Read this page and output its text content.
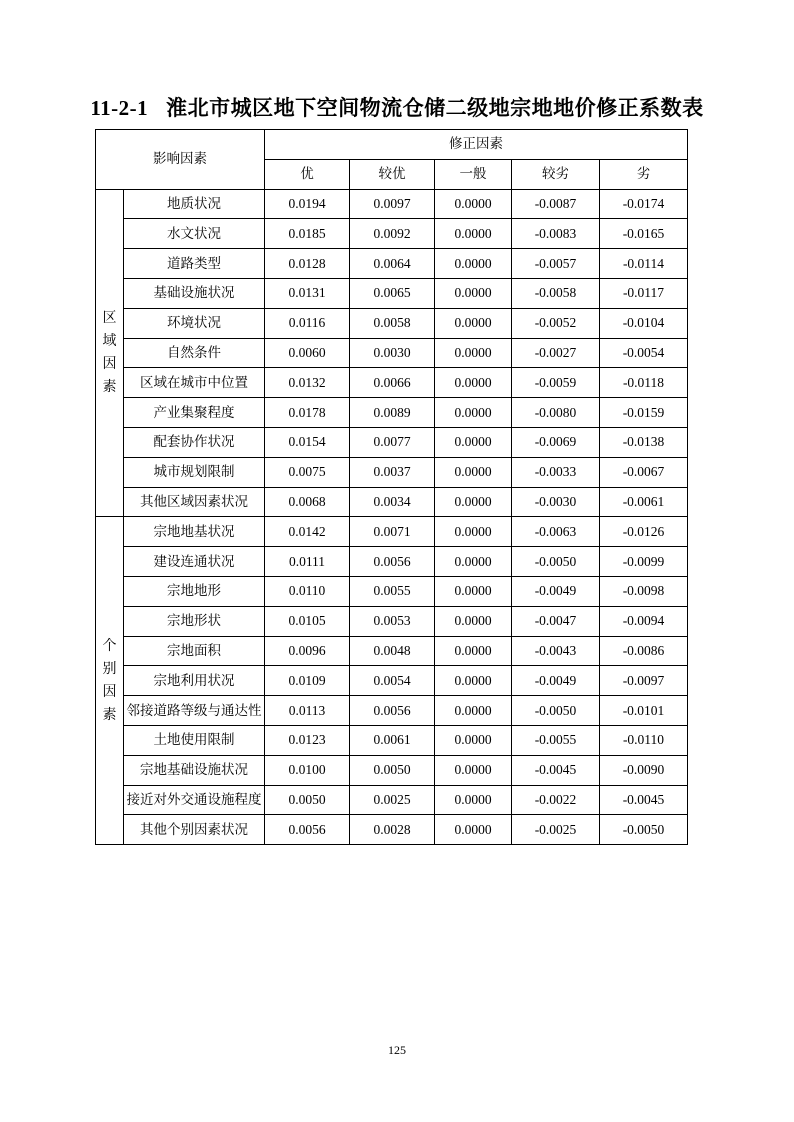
11-2-1 淮北市城区地下空间物流仓储二级地宗地地价修正系数表
影响因素		修正因素				
		优	较优	一般	较劣	劣
区域因素	地质状况	0.0194	0.0097	0.0000	-0.0087	-0.0174
	水文状况	0.0185	0.0092	0.0000	-0.0083	-0.0165
	道路类型	0.0128	0.0064	0.0000	-0.0057	-0.0114
	基础设施状况	0.0131	0.0065	0.0000	-0.0058	-0.0117
	环境状况	0.0116	0.0058	0.0000	-0.0052	-0.0104
	自然条件	0.0060	0.0030	0.0000	-0.0027	-0.0054
	区域在城市中位置	0.0132	0.0066	0.0000	-0.0059	-0.0118
	产业集聚程度	0.0178	0.0089	0.0000	-0.0080	-0.0159
	配套协作状况	0.0154	0.0077	0.0000	-0.0069	-0.0138
	城市规划限制	0.0075	0.0037	0.0000	-0.0033	-0.0067
	其他区域因素状况	0.0068	0.0034	0.0000	-0.0030	-0.0061
个别因素	宗地地基状况	0.0142	0.0071	0.0000	-0.0063	-0.0126
	建设连通状况	0.0111	0.0056	0.0000	-0.0050	-0.0099
	宗地地形	0.0110	0.0055	0.0000	-0.0049	-0.0098
	宗地形状	0.0105	0.0053	0.0000	-0.0047	-0.0094
	宗地面积	0.0096	0.0048	0.0000	-0.0043	-0.0086
	宗地利用状况	0.0109	0.0054	0.0000	-0.0049	-0.0097
	邻接道路等级与通达性	0.0113	0.0056	0.0000	-0.0050	-0.0101
	土地使用限制	0.0123	0.0061	0.0000	-0.0055	-0.0110
	宗地基础设施状况	0.0100	0.0050	0.0000	-0.0045	-0.0090
	接近对外交通设施程度	0.0050	0.0025	0.0000	-0.0022	-0.0045
	其他个别因素状况	0.0056	0.0028	0.0000	-0.0025	-0.0050
125
